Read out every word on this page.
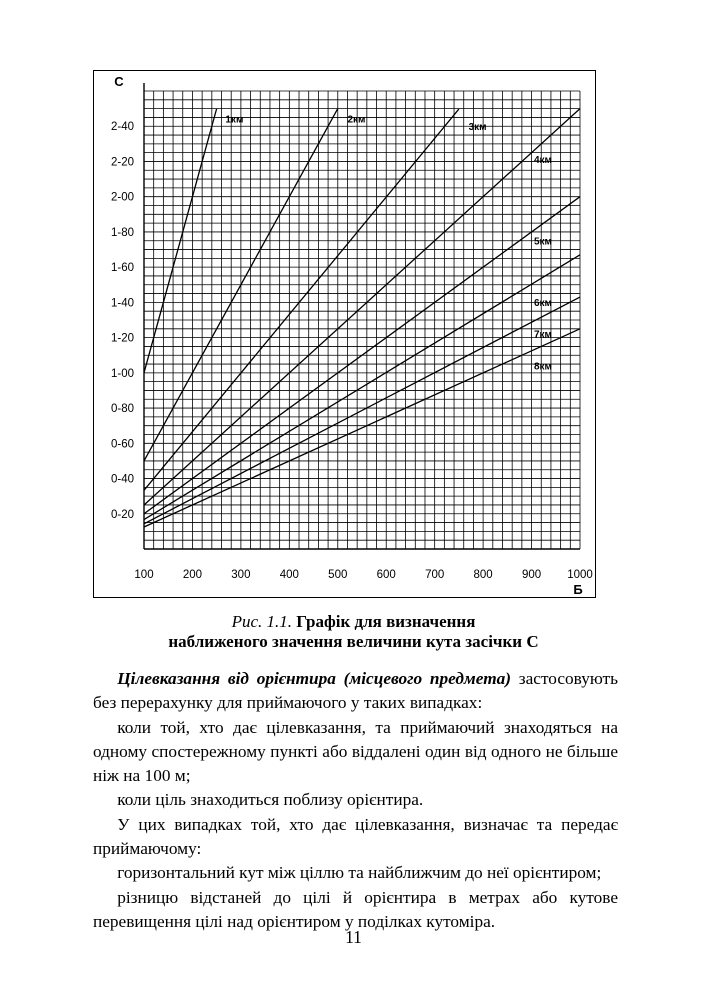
100	200	300	400	500	600	700	800	900 1000
0-20
0-40
0-60
0-80
1-00
1-20
1-40
1-60
1-80
2-00
2-20
2-40
Б
С
1км	2км
3км
4км
5км
6км
7км
8км
Рис. 1.1. Графік для визначення
наближеного значення величини кута засічки С

Цілевказання від орієнтира (місцевого предмета) застосовують без перерахунку для приймаючого у таких випадках:

коли той, хто дає цілевказання, та приймаючий знаходяться на одному спостережному пункті або віддалені один від одного не більше ніж на 100 м;

коли ціль знаходиться поблизу орієнтира.

У цих випадках той, хто дає цілевказання, визначає та передає приймаючому:

горизонтальний кут між ціллю та найближчим до неї орієнтиром;

різницю відстаней до цілі й орієнтира в метрах або кутове перевищення цілі над орієнтиром у поділках кутоміра.

11
